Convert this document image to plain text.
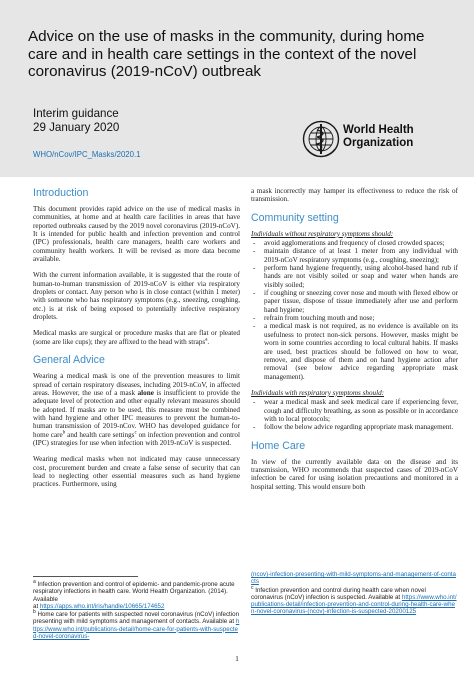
Advice on the use of masks in the community, during home care and in health care settings in the context of the novel coronavirus (2019-nCoV) outbreak
Interim guidance
29 January 2020
WHO/nCov/IPC_Masks/2020.1
World Health
Organization
Introduction

This document provides rapid advice on the use of medical masks in communities, at home and at health care facilities in areas that have reported outbreaks caused by the 2019 novel coronavirus (2019-nCoV). It is intended for public health and infection prevention and control (IPC) professionals, health care managers, health care workers and community health workers. It will be revised as more data become available.

With the current information available, it is suggested that the route of human-to-human transmission of 2019-nCoV is either via respiratory droplets or contact. Any person who is in close contact (within 1 meter) with someone who has respiratory symptoms (e.g., sneezing, coughing, etc.) is at risk of being exposed to potentially infective respiratory droplets.

Medical masks are surgical or procedure masks that are flat or pleated (some are like cups); they are affixed to the head with straps$^a$.

General Advice

Wearing a medical mask is one of the prevention measures to limit spread of certain respiratory diseases, including 2019-nCoV, in affected areas. However, the use of a mask alone is insufficient to provide the adequate level of protection and other equally relevant measures should be adopted. If masks are to be used, this measure must be combined with hand hygiene and other IPC measures to prevent the human-to-human transmission of 2019-nCov. WHO has developed guidance for home care$^b$ and health care settings$^c$ on infection prevention and control (IPC) strategies for use when infection with 2019-nCoV is suspected.

Wearing medical masks when not indicated may cause unnecessary cost, procurement burden and create a false sense of security that can lead to neglecting other essential measures such as hand hygiene practices. Furthermore, using

a mask incorrectly may hamper its effectiveness to reduce the risk of transmission.

Community setting
Individuals without respiratory symptoms should:
- avoid agglomerations and frequency of closed crowded spaces;
- maintain distance of at least 1 meter from any individual with 2019-nCoV respiratory symptoms (e.g., coughing, sneezing);
- perform hand hygiene frequently, using alcohol-based hand rub if hands are not visibly soiled or soap and water when hands are visibly soiled;
- if coughing or sneezing cover nose and mouth with flexed elbow or paper tissue, dispose of tissue immediately after use and perform hand hygiene;
- refrain from touching mouth and nose;
- a medical mask is not required, as no evidence is available on its usefulness to protect non-sick persons. However, masks might be worn in some countries according to local cultural habits. If masks are used, best practices should be followed on how to wear, remove, and dispose of them and on hand hygiene action after removal (see below advice regarding appropriate mask management).
Individuals with respiratory symptoms should:
- wear a medical mask and seek medical care if experiencing fever, cough and difficulty breathing, as soon as possible or in accordance with to local protocols;
- follow the below advice regarding appropriate mask management.
Home Care

In view of the currently available data on the disease and its transmission, WHO recommends that suspected cases of 2019-nCoV infection be cared for using isolation precautions and monitored in a hospital setting. This would ensure both

$^a$ Infection prevention and control of epidemic- and pandemic-prone acute respiratory infections in health care. World Health Organization. (2014). Available
at https://apps.who.int/iris/handle/10665/174652

$^b$ Home care for patients with suspected novel coronavirus (nCoV) infection presenting with mild symptoms and management of contacts. Available at https://www.who.int/publications-detail/home-care-for-patients-with-suspected-novel-coronavirus-

(ncov)-infection-presenting-with-mild-symptoms-and-management-of-contacts

$^c$ Infection prevention and control during health care when novel coronavirus (nCoV) infection is suspected. Available at https://www.who.int/publications-detail/infection-prevention-and-control-during-health-care-when-novel-coronavirus-(ncov)-infection-is-suspected-20200125

1
